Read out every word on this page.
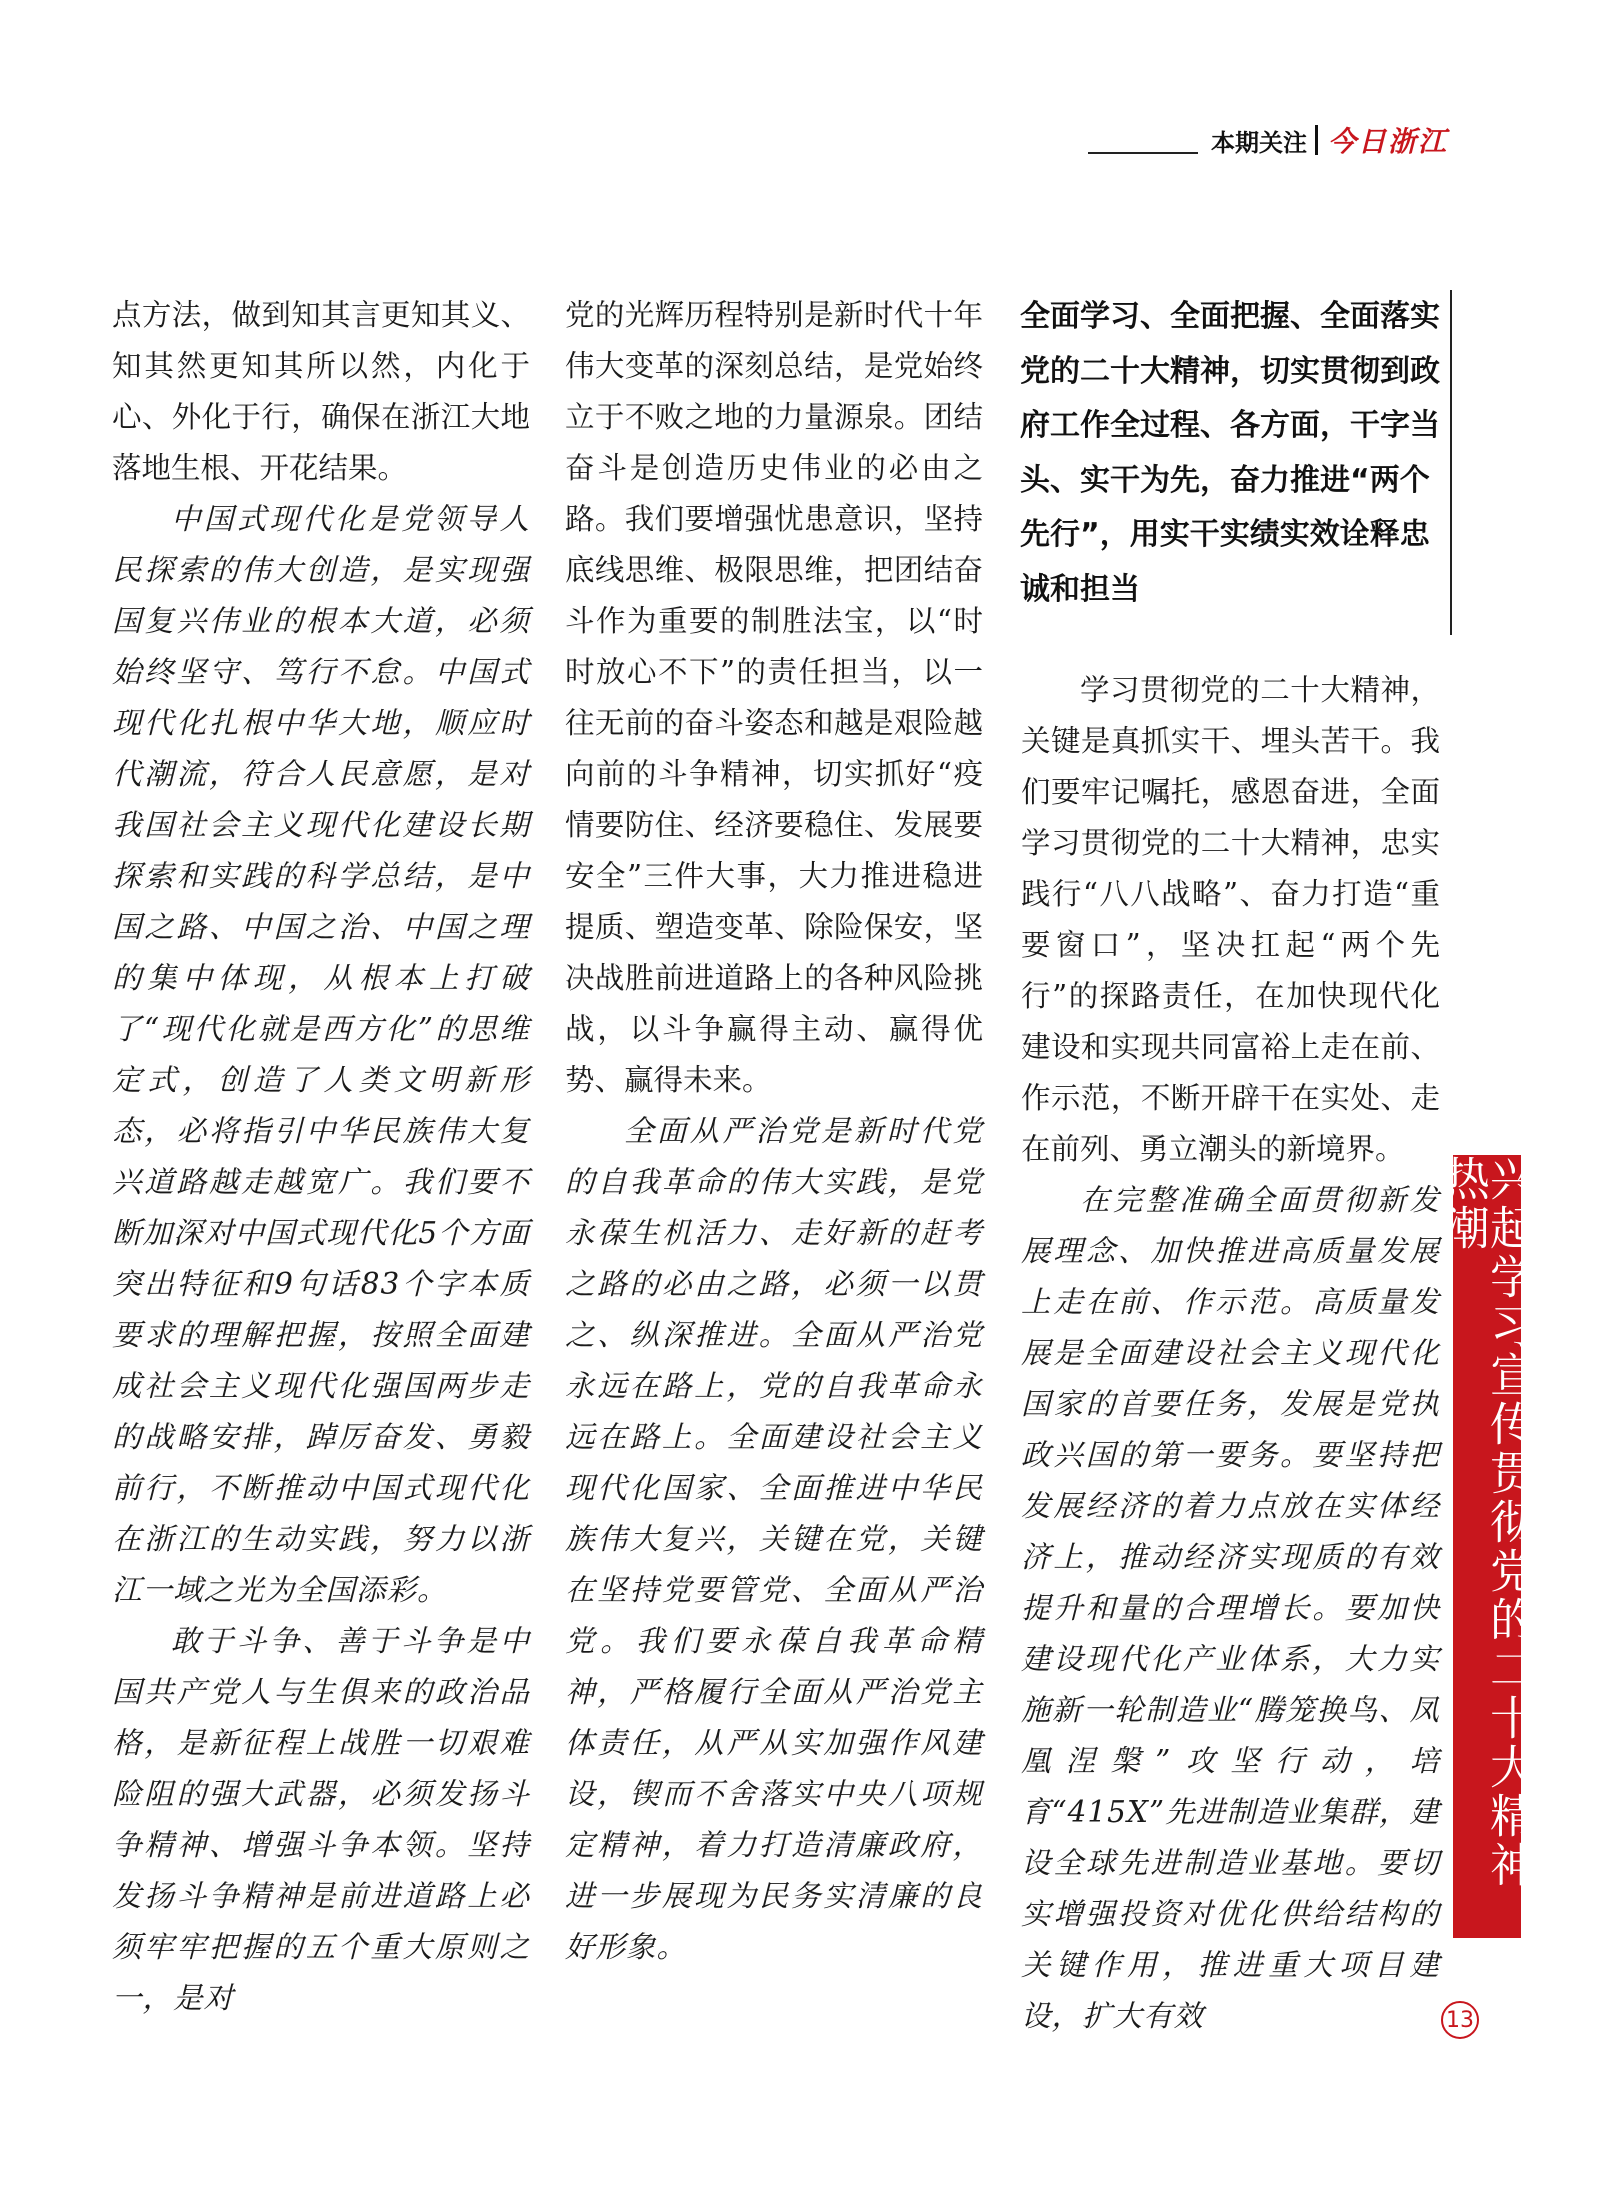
本期关注 今日浙江

点方法，做到知其言更知其义、知其然更知其所以然，内化于心、外化于行，确保在浙江大地落地生根、开花结果。

中国式现代化是党领导人民探索的伟大创造，是实现强国复兴伟业的根本大道，必须始终坚守、笃行不怠。中国式现代化扎根中华大地，顺应时代潮流，符合人民意愿，是对我国社会主义现代化建设长期探索和实践的科学总结，是中国之路、中国之治、中国之理的集中体现，从根本上打破了“现代化就是西方化”的思维定式，创造了人类文明新形态，必将指引中华民族伟大复兴道路越走越宽广。我们要不断加深对中国式现代化5个方面突出特征和9句话83个字本质要求的理解把握，按照全面建成社会主义现代化强国两步走的战略安排，踔厉奋发、勇毅前行，不断推动中国式现代化在浙江的生动实践，努力以浙江一域之光为全国添彩。

敢于斗争、善于斗争是中国共产党人与生俱来的政治品格，是新征程上战胜一切艰难险阻的强大武器，必须发扬斗争精神、增强斗争本领。坚持发扬斗争精神是前进道路上必须牢牢把握的五个重大原则之一，是对

党的光辉历程特别是新时代十年伟大变革的深刻总结，是党始终立于不败之地的力量源泉。团结奋斗是创造历史伟业的必由之路。我们要增强忧患意识，坚持底线思维、极限思维，把团结奋斗作为重要的制胜法宝，以“时时放心不下”的责任担当，以一往无前的奋斗姿态和越是艰险越向前的斗争精神，切实抓好“疫情要防住、经济要稳住、发展要安全”三件大事，大力推进稳进提质、塑造变革、除险保安，坚决战胜前进道路上的各种风险挑战，以斗争赢得主动、赢得优势、赢得未来。

全面从严治党是新时代党的自我革命的伟大实践，是党永葆生机活力、走好新的赶考之路的必由之路，必须一以贯之、纵深推进。全面从严治党永远在路上，党的自我革命永远在路上。全面建设社会主义现代化国家、全面推进中华民族伟大复兴，关键在党，关键在坚持党要管党、全面从严治党。我们要永葆自我革命精神，严格履行全面从严治党主体责任，从严从实加强作风建设，锲而不舍落实中央八项规定精神，着力打造清廉政府，进一步展现为民务实清廉的良好形象。

全面学习、全面把握、全面落实党的二十大精神，切实贯彻到政府工作全过程、各方面，干字当头、实干为先，奋力推进“两个先行”，用实干实绩实效诠释忠诚和担当

学习贯彻党的二十大精神，关键是真抓实干、埋头苦干。我们要牢记嘱托，感恩奋进，全面学习贯彻党的二十大精神，忠实践行“八八战略”、奋力打造“重要窗口”，坚决扛起“两个先行”的探路责任，在加快现代化建设和实现共同富裕上走在前、作示范，不断开辟干在实处、走在前列、勇立潮头的新境界。

在完整准确全面贯彻新发展理念、加快推进高质量发展上走在前、作示范。高质量发展是全面建设社会主义现代化国家的首要任务，发展是党执政兴国的第一要务。要坚持把发展经济的着力点放在实体经济上，推动经济实现质的有效提升和量的合理增长。要加快建设现代化产业体系，大力实施新一轮制造业“腾笼换鸟、凤凰涅槃”攻坚行动，培育“415X”先进制造业集群，建设全球先进制造业基地。要切实增强投资对优化供给结构的关键作用，推进重大项目建设，扩大有效

兴起学习宣传贯彻党的二十大精神热潮
13
